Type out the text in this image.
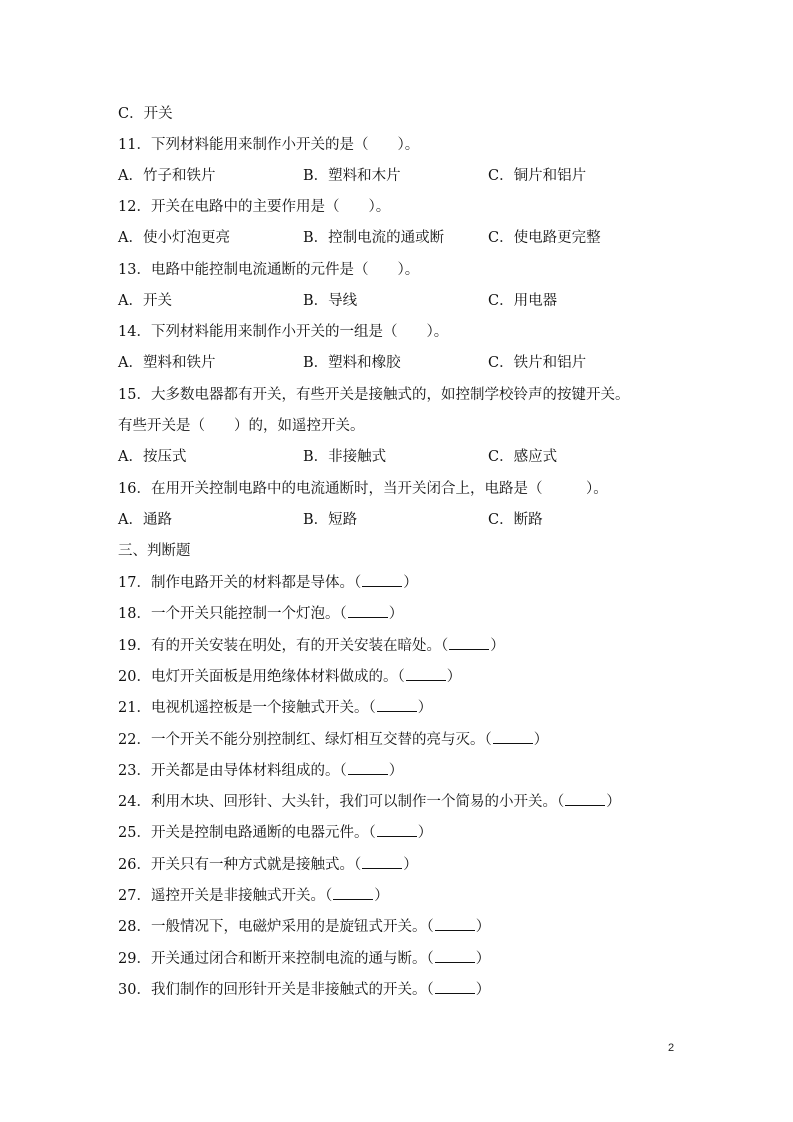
C．开关
11．下列材料能用来制作小开关的是（　　）。
A．竹子和铁片	B．塑料和木片	C．铜片和铝片
12．开关在电路中的主要作用是（　　）。
A．使小灯泡更亮	B．控制电流的通或断	C．使电路更完整
13．电路中能控制电流通断的元件是（　　）。
A．开关	B．导线	C．用电器
14．下列材料能用来制作小开关的一组是（　　）。
A．塑料和铁片	B．塑料和橡胶	C．铁片和铝片
15．大多数电器都有开关，有些开关是接触式的，如控制学校铃声的按键开关。
有些开关是（　　）的，如遥控开关。
A．按压式	B．非接触式	C．感应式
16．在用开关控制电路中的电流通断时，当开关闭合上，电路是（　　　）。
A．通路	B．短路	C．断路
三、判断题
17．制作电路开关的材料都是导体。（	）
18．一个开关只能控制一个灯泡。（	）
19．有的开关安装在明处，有的开关安装在暗处。（	）
20．电灯开关面板是用绝缘体材料做成的。（	）
21．电视机遥控板是一个接触式开关。（	）
22．一个开关不能分别控制红、绿灯相互交替的亮与灭。（	）
23．开关都是由导体材料组成的。（	）
24．利用木块、回形针、大头针，我们可以制作一个简易的小开关。（	）
25．开关是控制电路通断的电器元件。（	）
26．开关只有一种方式就是接触式。（	）
27．遥控开关是非接触式开关。（	）
28．一般情况下，电磁炉采用的是旋钮式开关。（	）
29．开关通过闭合和断开来控制电流的通与断。（	）
30．我们制作的回形针开关是非接触式的开关。（	）
2
